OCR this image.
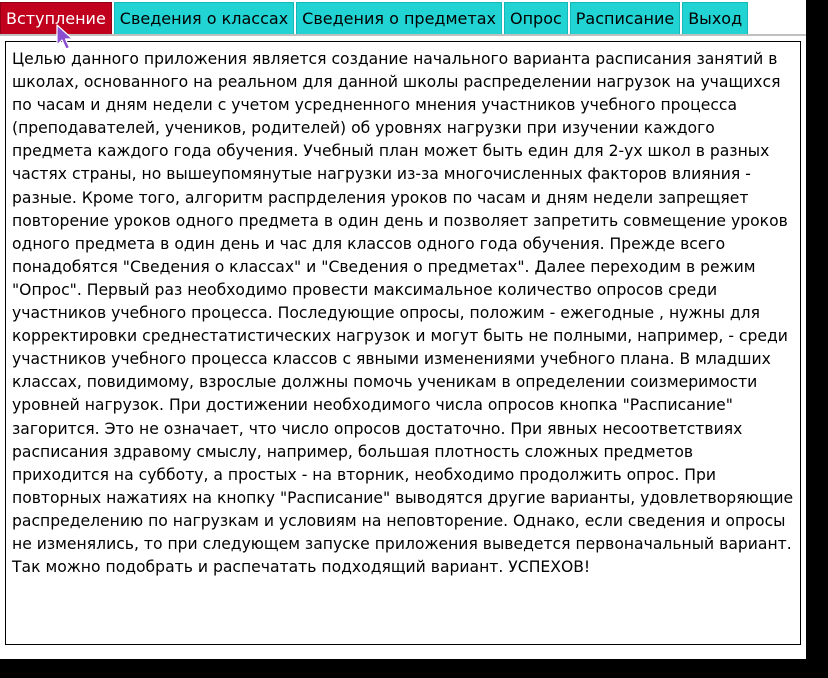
Вступление Сведения о классах Сведения о предметах Опрос Расписание Выход

Целью данного приложения является создание начального варианта расписания занятий в школах, основанного на реальном для данной школы распределении нагрузок на учащихся по часам и дням недели с учетом усредненного мнения участников учебного процесса (преподавателей, учеников, родителей) об уровнях нагрузки при изучении каждого предмета каждого года обучения. Учебный план может быть един для 2-ух школ в разных частях страны, но вышеупомянутые нагрузки из-за многочисленных факторов влияния - разные. Кроме того, алгоритм распрделения уроков по часам и дням недели запрещяет повторение уроков одного предмета в один день и позволяет запретить совмещение уроков одного предмета в один день и час для классов одного года обучения. Прежде всего понадобятся "Сведения о классах" и "Сведения о предметах". Далее переходим в режим "Опрос". Первый раз необходимо провести максимальное количество опросов среди участников учебного процесса. Последующие опросы, положим - ежегодные , нужны для корректировки среднестатистических нагрузок и могут быть не полными, например, - среди участников учебного процесса классов с явными изменениями учебного плана. В младших классах, повидимому, взрослые должны помочь ученикам в определении соизмеримости уровней нагрузок. При достижении необходимого числа опросов кнопка "Расписание" загорится. Это не означает, что число опросов достаточно. При явных несоответствиях расписания здравому смыслу, например, большая плотность сложных предметов приходится на субботу, а простых - на вторник, необходимо продолжить опрос. При повторных нажатиях на кнопку "Расписание" выводятся другие варианты, удовлетворяющие распределению по нагрузкам и условиям на неповторение. Однако, если сведения и опросы не изменялись, то при следующем запуске приложения выведется первоначальный вариант. Так можно подобрать и распечатать подходящий вариант. УСПЕХОВ!
